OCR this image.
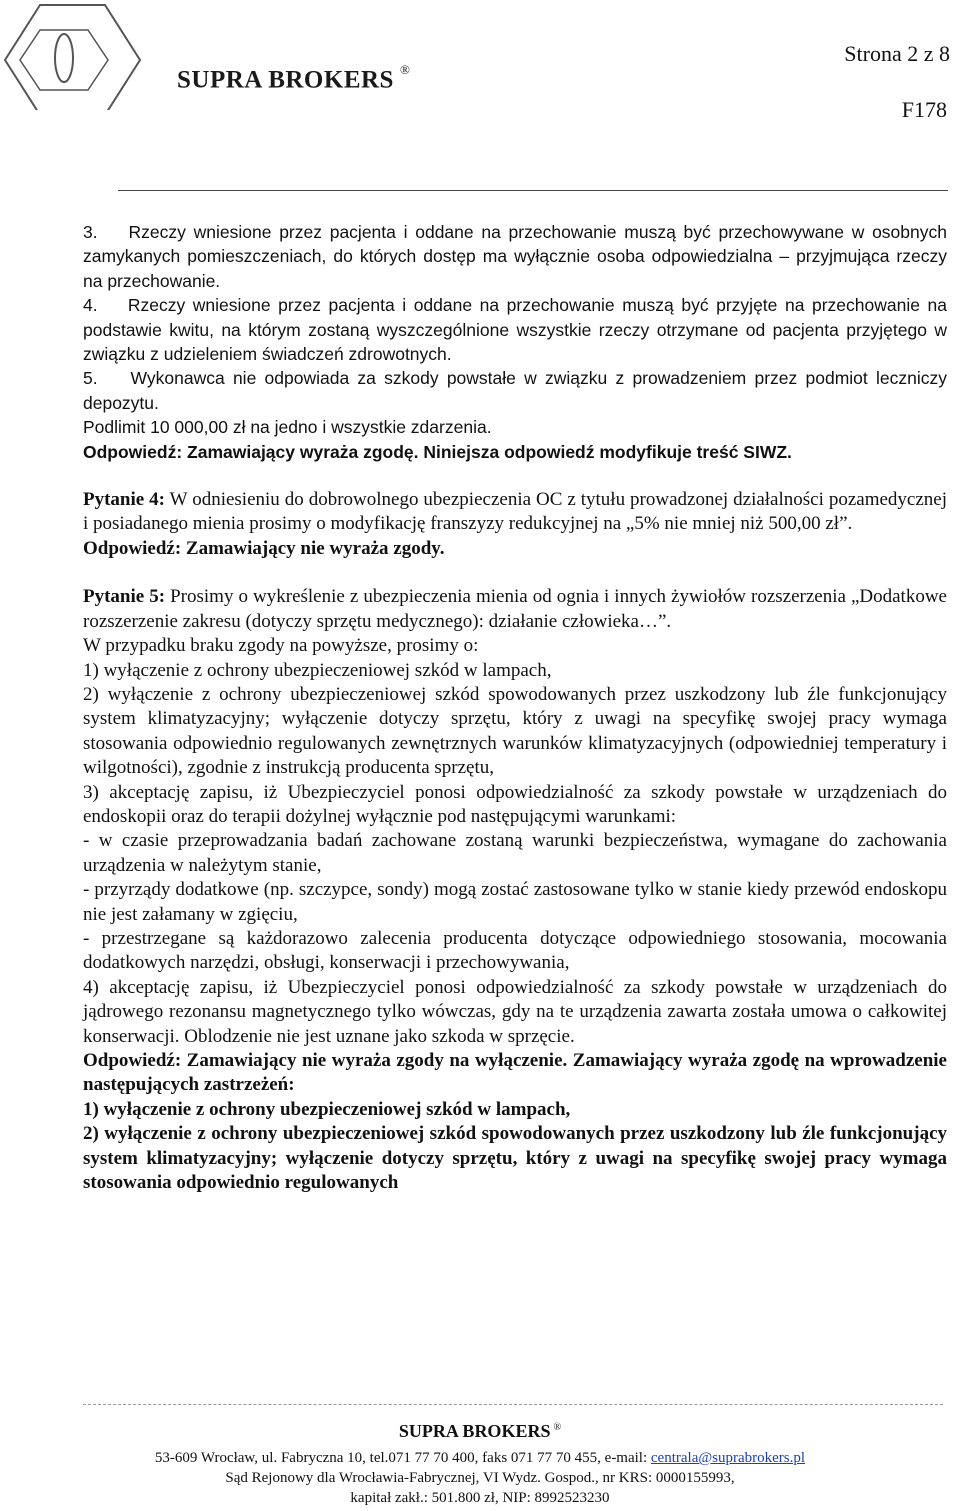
SUPRA BROKERS ®
Strona 2 z 8
F178

3. Rzeczy wniesione przez pacjenta i oddane na przechowanie muszą być przechowywane w osobnych zamykanych pomieszczeniach, do których dostęp ma wyłącznie osoba odpowiedzialna – przyjmująca rzeczy na przechowanie.

4. Rzeczy wniesione przez pacjenta i oddane na przechowanie muszą być przyjęte na przechowanie na podstawie kwitu, na którym zostaną wyszczególnione wszystkie rzeczy otrzymane od pacjenta przyjętego w związku z udzieleniem świadczeń zdrowotnych.

5. Wykonawca nie odpowiada za szkody powstałe w związku z prowadzeniem przez podmiot leczniczy depozytu.

Podlimit 10 000,00 zł na jedno i wszystkie zdarzenia.

Odpowiedź: Zamawiający wyraża zgodę. Niniejsza odpowiedź modyfikuje treść SIWZ.

Pytanie 4: W odniesieniu do dobrowolnego ubezpieczenia OC z tytułu prowadzonej działalności pozamedycznej i posiadanego mienia prosimy o modyfikację franszyzy redukcyjnej na „5% nie mniej niż 500,00 zł”.

Odpowiedź: Zamawiający nie wyraża zgody.

Pytanie 5: Prosimy o wykreślenie z ubezpieczenia mienia od ognia i innych żywiołów rozszerzenia „Dodatkowe rozszerzenie zakresu (dotyczy sprzętu medycznego): działanie człowieka…”.

W przypadku braku zgody na powyższe, prosimy o:

1) wyłączenie z ochrony ubezpieczeniowej szkód w lampach,

2) wyłączenie z ochrony ubezpieczeniowej szkód spowodowanych przez uszkodzony lub źle funkcjonujący system klimatyzacyjny; wyłączenie dotyczy sprzętu, który z uwagi na specyfikę swojej pracy wymaga stosowania odpowiednio regulowanych zewnętrznych warunków klimatyzacyjnych (odpowiedniej temperatury i wilgotności), zgodnie z instrukcją producenta sprzętu,

3) akceptację zapisu, iż Ubezpieczyciel ponosi odpowiedzialność za szkody powstałe w urządzeniach do endoskopii oraz do terapii dożylnej wyłącznie pod następującymi warunkami:

- w czasie przeprowadzania badań zachowane zostaną warunki bezpieczeństwa, wymagane do zachowania urządzenia w należytym stanie,

- przyrządy dodatkowe (np. szczypce, sondy) mogą zostać zastosowane tylko w stanie kiedy przewód endoskopu nie jest załamany w zgięciu,

- przestrzegane są każdorazowo zalecenia producenta dotyczące odpowiedniego stosowania, mocowania dodatkowych narzędzi, obsługi, konserwacji i przechowywania,

4) akceptację zapisu, iż Ubezpieczyciel ponosi odpowiedzialność za szkody powstałe w urządzeniach do jądrowego rezonansu magnetycznego tylko wówczas, gdy na te urządzenia zawarta została umowa o całkowitej konserwacji. Oblodzenie nie jest uznane jako szkoda w sprzęcie.

Odpowiedź: Zamawiający nie wyraża zgody na wyłączenie. Zamawiający wyraża zgodę na wprowadzenie następujących zastrzeżeń:

1) wyłączenie z ochrony ubezpieczeniowej szkód w lampach,

2) wyłączenie z ochrony ubezpieczeniowej szkód spowodowanych przez uszkodzony lub źle funkcjonujący system klimatyzacyjny; wyłączenie dotyczy sprzętu, który z uwagi na specyfikę swojej pracy wymaga stosowania odpowiednio regulowanych

SUPRA BROKERS ®
53-609 Wrocław, ul. Fabryczna 10, tel.071 77 70 400, faks 071 77 70 455, e-mail: centrala@suprabrokers.pl
Sąd Rejonowy dla Wrocławia-Fabrycznej, VI Wydz. Gospod., nr KRS: 0000155993,
kapitał zakł.: 501.800 zł, NIP: 8992523230
